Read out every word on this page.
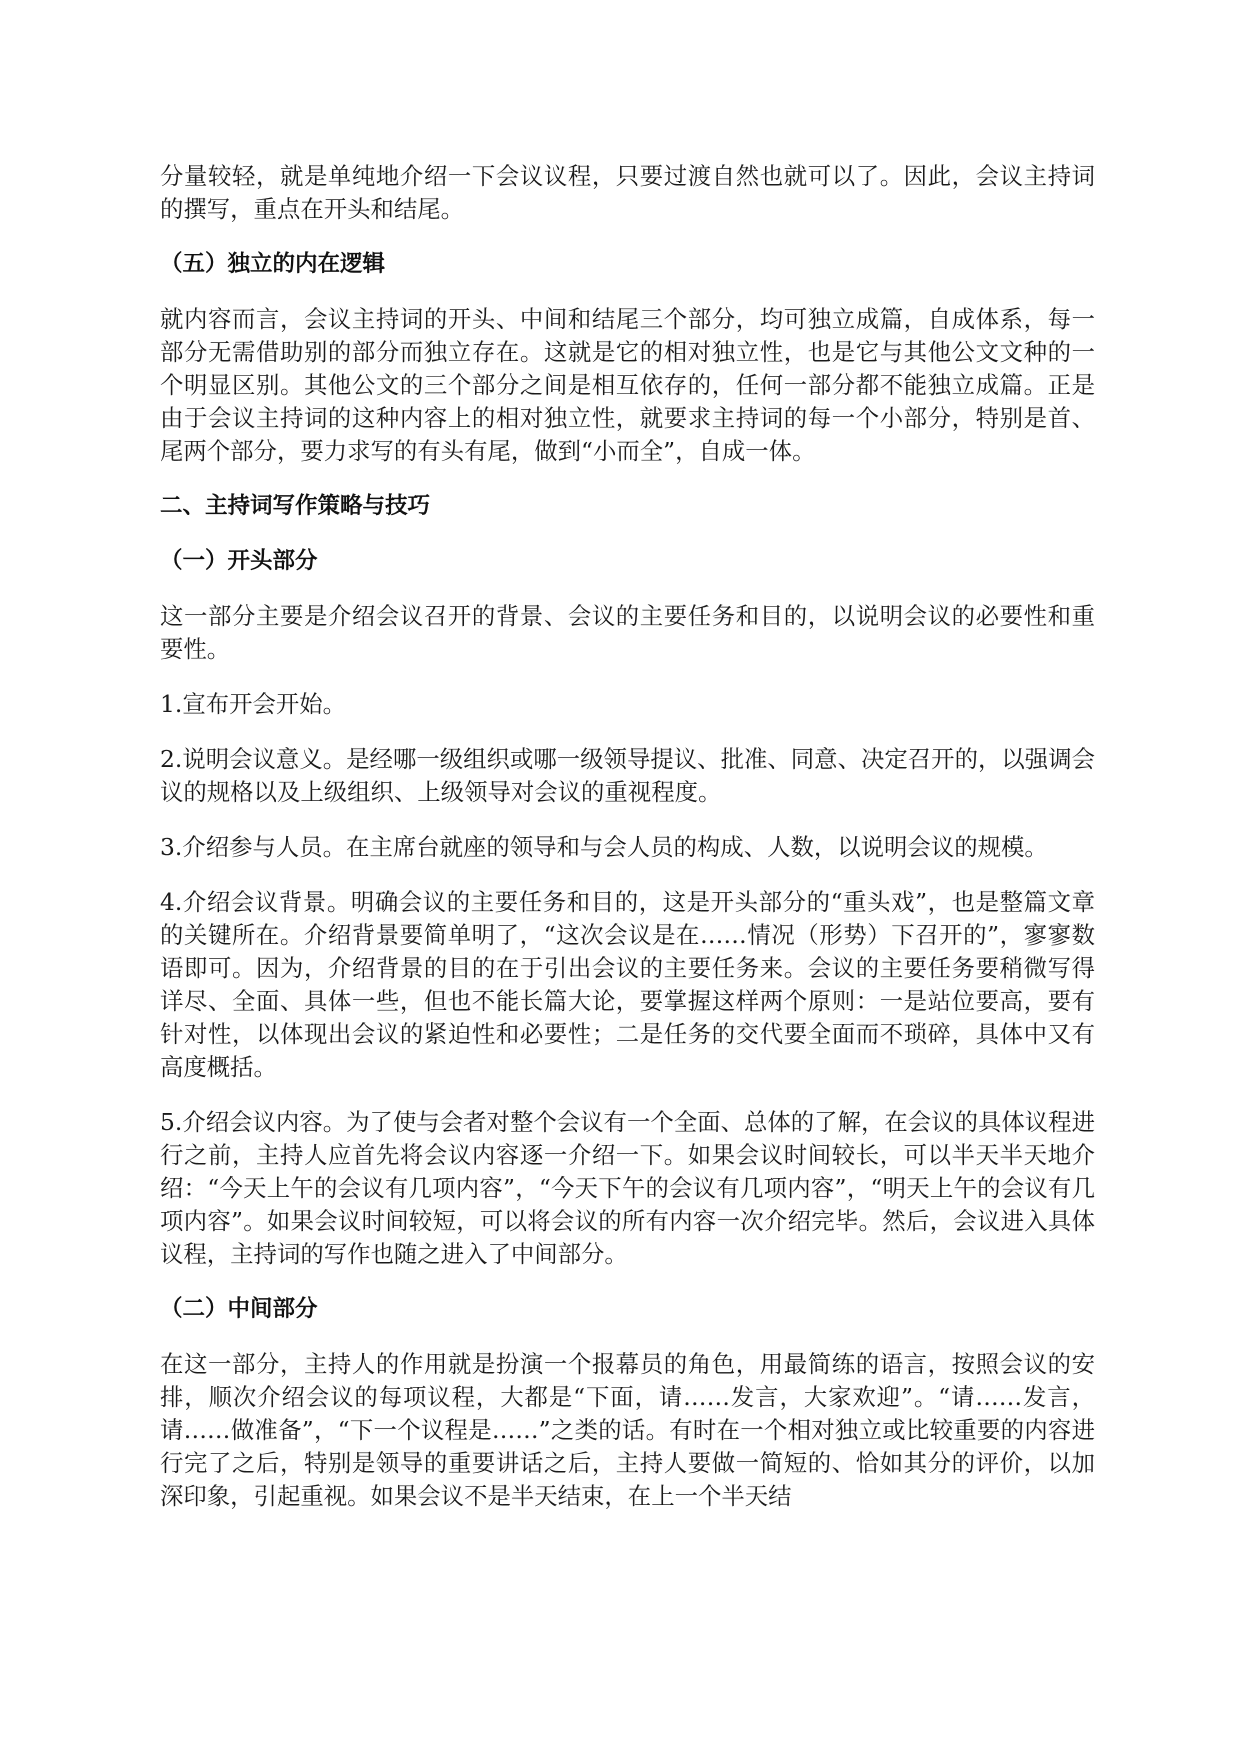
分量较轻，就是单纯地介绍一下会议议程，只要过渡自然也就可以了。因此，会议主持词的撰写，重点在开头和结尾。

（五）独立的内在逻辑

就内容而言，会议主持词的开头、中间和结尾三个部分，均可独立成篇，自成体系，每一部分无需借助别的部分而独立存在。这就是它的相对独立性，也是它与其他公文文种的一个明显区别。其他公文的三个部分之间是相互依存的，任何一部分都不能独立成篇。正是由于会议主持词的这种内容上的相对独立性，就要求主持词的每一个小部分，特别是首、尾两个部分，要力求写的有头有尾，做到“小而全”，自成一体。

二、主持词写作策略与技巧
（一）开头部分

这一部分主要是介绍会议召开的背景、会议的主要任务和目的，以说明会议的必要性和重要性。

1.宣布开会开始。

2.说明会议意义。是经哪一级组织或哪一级领导提议、批准、同意、决定召开的，以强调会议的规格以及上级组织、上级领导对会议的重视程度。

3.介绍参与人员。在主席台就座的领导和与会人员的构成、人数，以说明会议的规模。

4.介绍会议背景。明确会议的主要任务和目的，这是开头部分的“重头戏”，也是整篇文章的关键所在。介绍背景要简单明了，“这次会议是在……情况（形势）下召开的”，寥寥数语即可。因为，介绍背景的目的在于引出会议的主要任务来。会议的主要任务要稍微写得详尽、全面、具体一些，但也不能长篇大论，要掌握这样两个原则：一是站位要高，要有针对性，以体现出会议的紧迫性和必要性；二是任务的交代要全面而不琐碎，具体中又有高度概括。

5.介绍会议内容。为了使与会者对整个会议有一个全面、总体的了解，在会议的具体议程进行之前，主持人应首先将会议内容逐一介绍一下。如果会议时间较长，可以半天半天地介绍：“今天上午的会议有几项内容”，“今天下午的会议有几项内容”，“明天上午的会议有几项内容”。如果会议时间较短，可以将会议的所有内容一次介绍完毕。然后，会议进入具体议程，主持词的写作也随之进入了中间部分。

（二）中间部分

在这一部分，主持人的作用就是扮演一个报幕员的角色，用最简练的语言，按照会议的安排，顺次介绍会议的每项议程，大都是“下面，请……发言，大家欢迎”。“请……发言，请……做准备”，“下一个议程是……”之类的话。有时在一个相对独立或比较重要的内容进行完了之后，特别是领导的重要讲话之后，主持人要做一简短的、恰如其分的评价，以加深印象，引起重视。如果会议不是半天结束，在上一个半天结
